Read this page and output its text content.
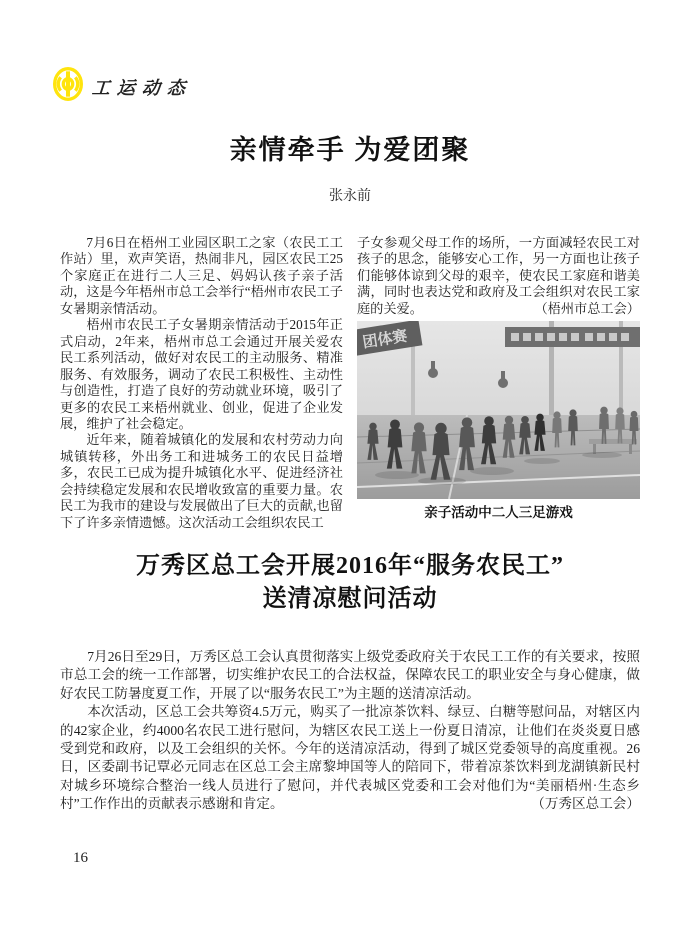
工运动态
亲情牵手 为爱团聚
张永前

7月6日在梧州工业园区职工之家（农民工工作站）里，欢声笑语，热闹非凡，园区农民工25个家庭正在进行二人三足、妈妈认孩子亲子活动，这是今年梧州市总工会举行“梧州市农民工子女暑期亲情活动。

梧州市农民工子女暑期亲情活动于2015年正式启动，2年来，梧州市总工会通过开展关爱农民工系列活动，做好对农民工的主动服务、精准服务、有效服务，调动了农民工积极性、主动性与创造性，打造了良好的劳动就业环境，吸引了更多的农民工来梧州就业、创业，促进了企业发展，维护了社会稳定。

近年来，随着城镇化的发展和农村劳动力向城镇转移，外出务工和进城务工的农民日益增多，农民工已成为提升城镇化水平、促进经济社会持续稳定发展和农民增收致富的重要力量。农民工为我市的建设与发展做出了巨大的贡献,也留下了许多亲情遗憾。这次活动工会组织农民工

子女参观父母工作的场所，一方面减轻农民工对孩子的思念，能够安心工作，另一方面也让孩子们能够体谅到父母的艰辛，使农民工家庭和谐美满，同时也表达党和政府及工会组织对农民工家庭的关爱。	（梧州市总工会）

团体赛
亲子活动中二人三足游戏
万秀区总工会开展2016年“服务农民工”
送清凉慰问活动

7月26日至29日，万秀区总工会认真贯彻落实上级党委政府关于农民工工作的有关要求，按照市总工会的统一工作部署，切实维护农民工的合法权益，保障农民工的职业安全与身心健康，做好农民工防暑度夏工作，开展了以“服务农民工”为主题的送清凉活动。

本次活动，区总工会共筹资4.5万元，购买了一批凉茶饮料、绿豆、白糖等慰问品，对辖区内的42家企业，约4000名农民工进行慰问，为辖区农民工送上一份夏日清凉，让他们在炎炎夏日感受到党和政府，以及工会组织的关怀。今年的送清凉活动，得到了城区党委领导的高度重视。26日，区委副书记覃必元同志在区总工会主席黎坤国等人的陪同下，带着凉茶饮料到龙湖镇新民村对城乡环境综合整治一线人员进行了慰问，并代表城区党委和工会对他们为“美丽梧州·生态乡村”工作作出的贡献表示感谢和肯定。	（万秀区总工会）

16
